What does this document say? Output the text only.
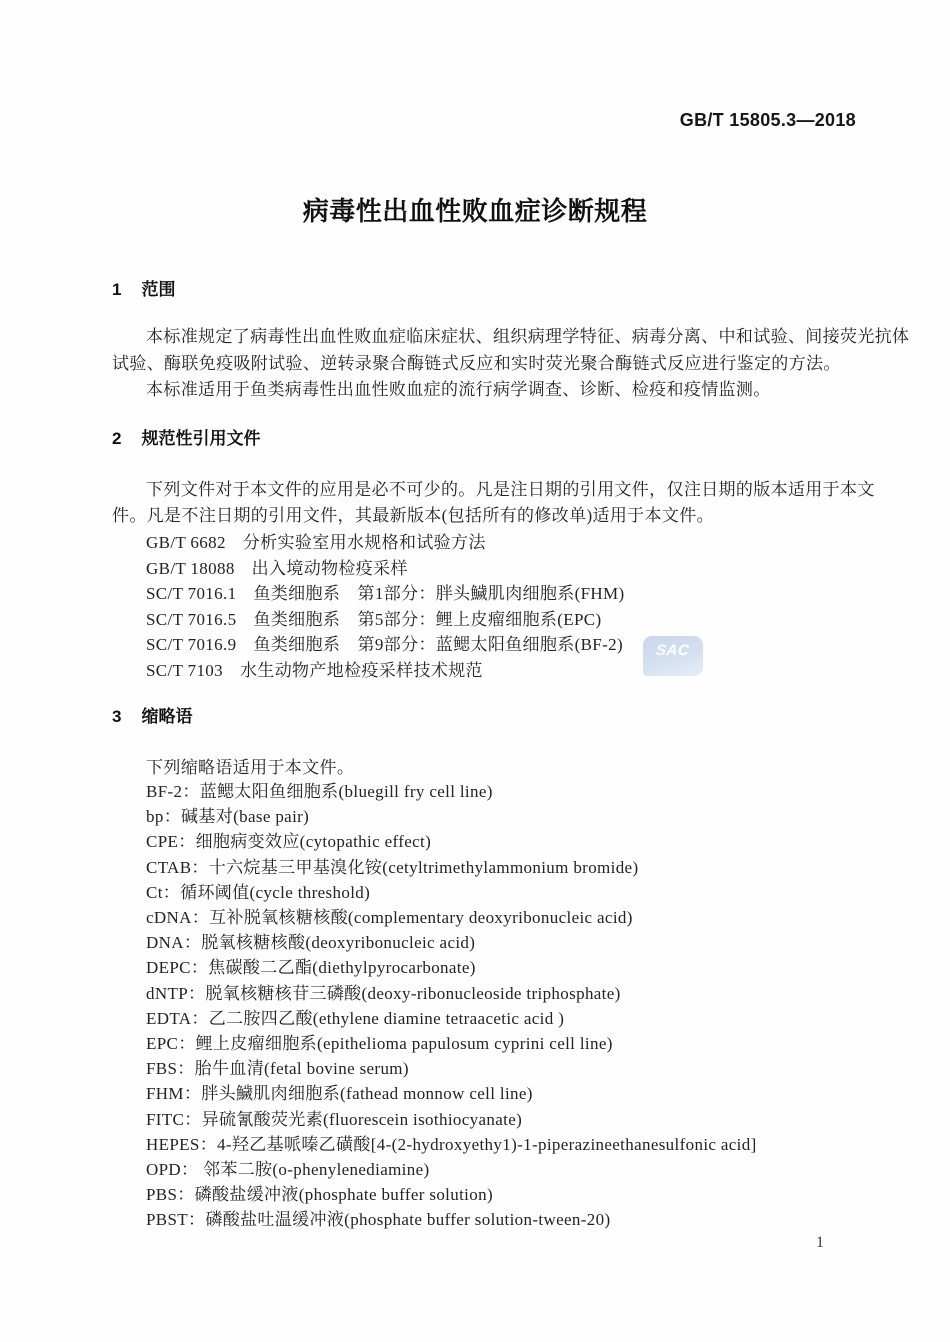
GB/T 15805.3—2018
病毒性出血性败血症诊断规程
1 范围
本标准规定了病毒性出血性败血症临床症状、组织病理学特征、病毒分离、中和试验、间接荧光抗体
试验、酶联免疫吸附试验、逆转录聚合酶链式反应和实时荧光聚合酶链式反应进行鉴定的方法。
本标准适用于鱼类病毒性出血性败血症的流行病学调查、诊断、检疫和疫情监测。
2 规范性引用文件
下列文件对于本文件的应用是必不可少的。凡是注日期的引用文件，仅注日期的版本适用于本文
件。凡是不注日期的引用文件，其最新版本(包括所有的修改单)适用于本文件。
GB/T 6682 分析实验室用水规格和试验方法
GB/T 18088 出入境动物检疫采样
SC/T 7016.1 鱼类细胞系　第1部分：胖头鱥肌肉细胞系(FHM)
SC/T 7016.5 鱼类细胞系　第5部分：鲤上皮瘤细胞系(EPC)
SC/T 7016.9 鱼类细胞系　第9部分：蓝鳃太阳鱼细胞系(BF-2)
SC/T 7103 水生动物产地检疫采样技术规范
SAC
3 缩略语
下列缩略语适用于本文件。
BF-2：蓝鳃太阳鱼细胞系(bluegill fry cell line)
bp：碱基对(base pair)
CPE：细胞病变效应(cytopathic effect)
CTAB：十六烷基三甲基溴化铵(cetyltrimethylammonium bromide)
Ct：循环阈值(cycle threshold)
cDNA：互补脱氧核糖核酸(complementary deoxyribonucleic acid)
DNA：脱氧核糖核酸(deoxyribonucleic acid)
DEPC：焦碳酸二乙酯(diethylpyrocarbonate)
dNTP：脱氧核糖核苷三磷酸(deoxy-ribonucleoside triphosphate)
EDTA：乙二胺四乙酸(ethylene diamine tetraacetic acid )
EPC：鲤上皮瘤细胞系(epithelioma papulosum cyprini cell line)
FBS：胎牛血清(fetal bovine serum)
FHM：胖头鱥肌肉细胞系(fathead monnow cell line)
FITC：异硫氰酸荧光素(fluorescein isothiocyanate)
HEPES：4-羟乙基哌嗪乙磺酸[4-(2-hydroxyethy1)-1-piperazineethanesulfonic acid]
OPD： 邻苯二胺(o-phenylenediamine)
PBS：磷酸盐缓冲液(phosphate buffer solution)
PBST：磷酸盐吐温缓冲液(phosphate buffer solution-tween-20)
1
